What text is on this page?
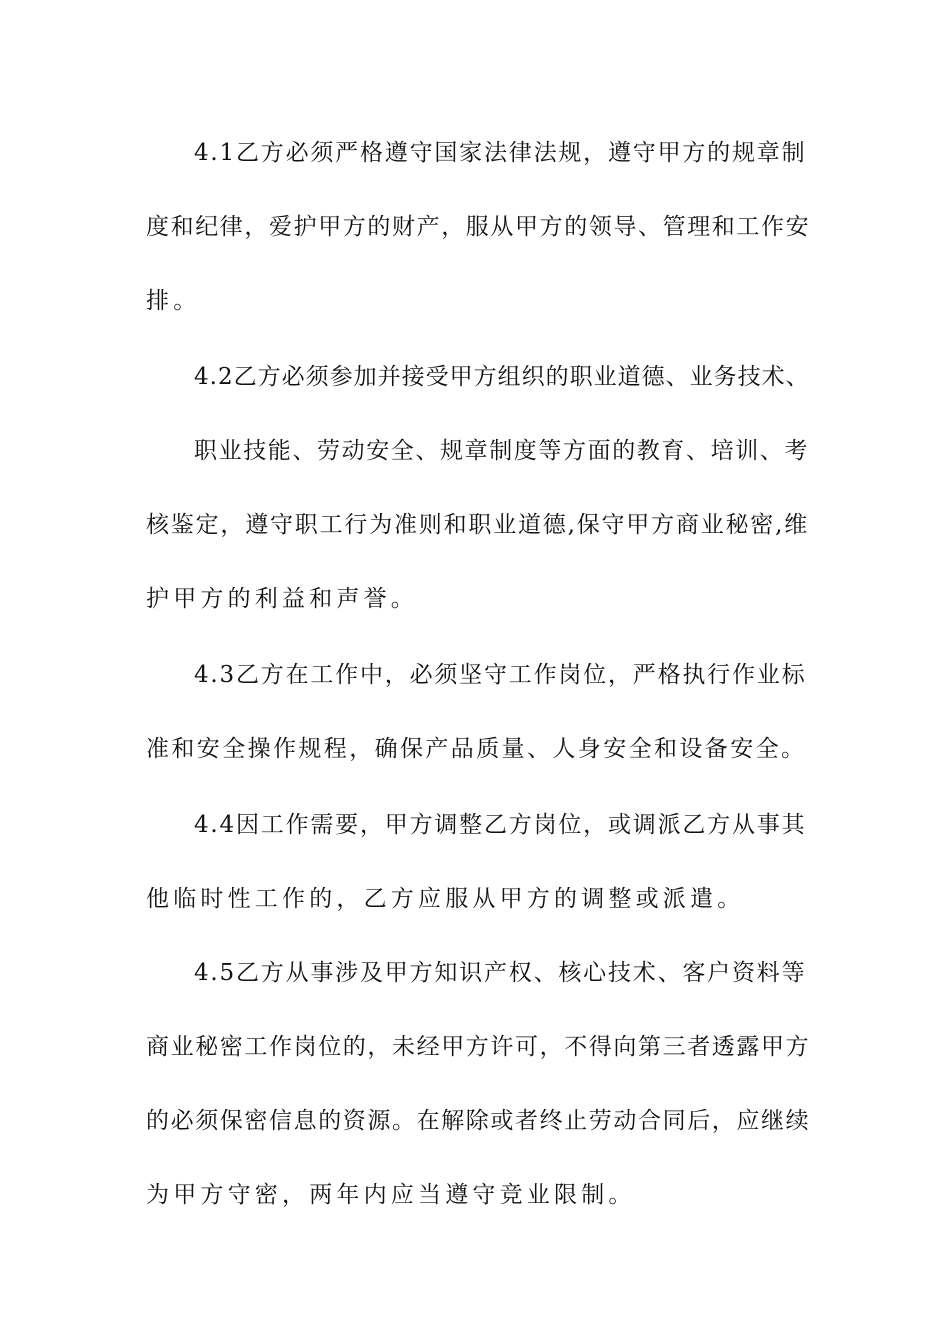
4.1乙方必须严格遵守国家法律法规，遵守甲方的规章制
度和纪律，爱护甲方的财产，服从甲方的领导、管理和工作安
排。
4.2乙方必须参加并接受甲方组织的职业道德、业务技术、
职业技能、劳动安全、规章制度等方面的教育、培训、考
核鉴定，遵守职工行为准则和职业道德,保守甲方商业秘密,维
护甲方的利益和声誉。
4.3乙方在工作中，必须坚守工作岗位，严格执行作业标
准和安全操作规程，确保产品质量、人身安全和设备安全。
4.4因工作需要，甲方调整乙方岗位，或调派乙方从事其
他临时性工作的，乙方应服从甲方的调整或派遣。
4.5乙方从事涉及甲方知识产权、核心技术、客户资料等
商业秘密工作岗位的，未经甲方许可，不得向第三者透露甲方
的必须保密信息的资源。在解除或者终止劳动合同后，应继续
为甲方守密，两年内应当遵守竞业限制。
